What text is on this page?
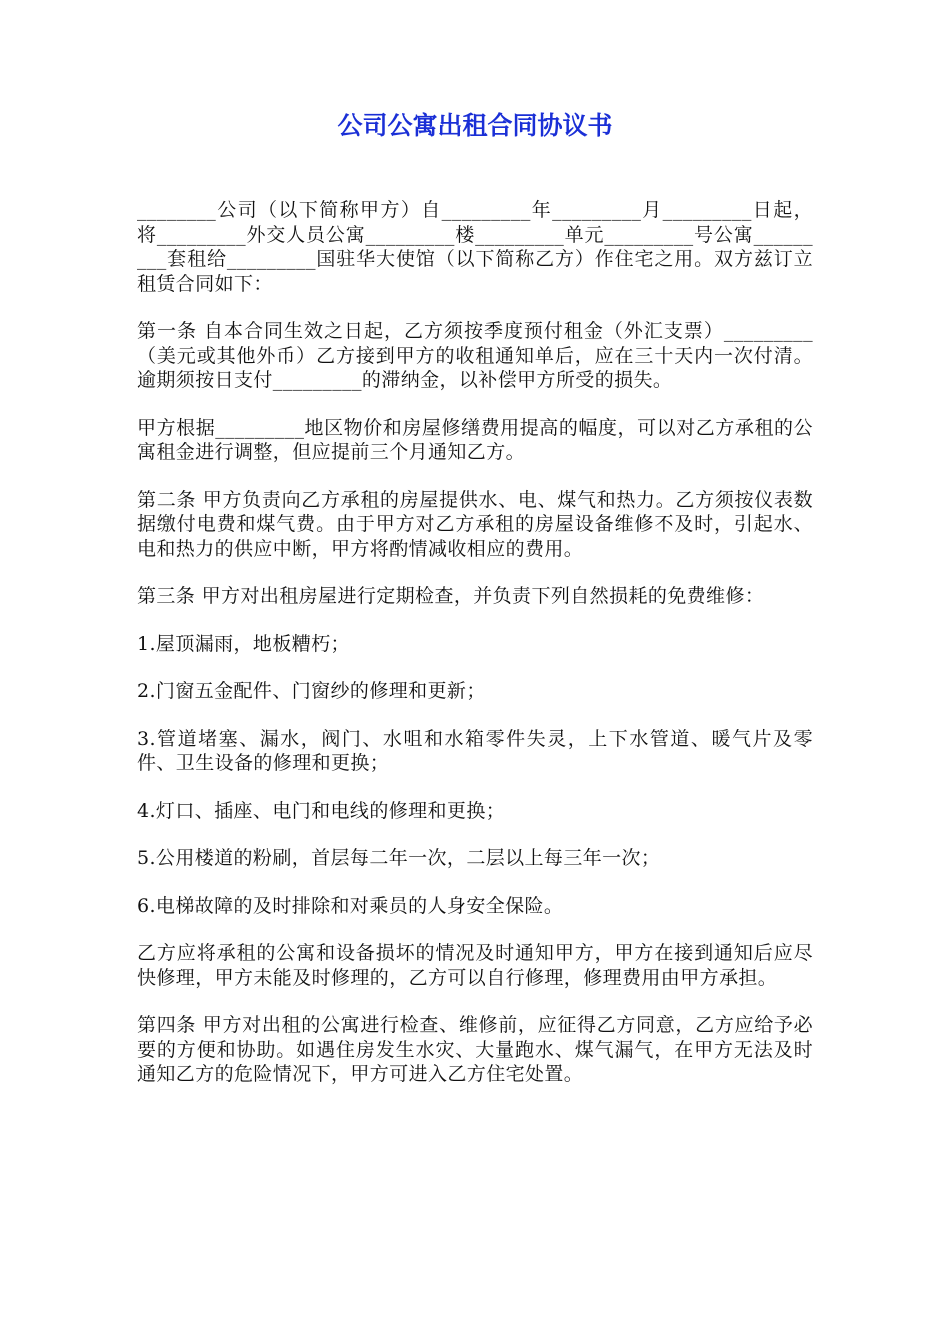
公司公寓出租合同协议书

________公司（以下简称甲方）自_________年_________月_________日起，将_________外交人员公寓_________楼_________单元_________号公寓_________套租给_________国驻华大使馆（以下简称乙方）作住宅之用。双方兹订立租赁合同如下：

第一条 自本合同生效之日起，乙方须按季度预付租金（外汇支票）_________（美元或其他外币）乙方接到甲方的收租通知单后，应在三十天内一次付清。逾期须按日支付_________的滞纳金，以补偿甲方所受的损失。

甲方根据_________地区物价和房屋修缮费用提高的幅度，可以对乙方承租的公寓租金进行调整，但应提前三个月通知乙方。

第二条 甲方负责向乙方承租的房屋提供水、电、煤气和热力。乙方须按仪表数据缴付电费和煤气费。由于甲方对乙方承租的房屋设备维修不及时，引起水、电和热力的供应中断，甲方将酌情减收相应的费用。

第三条 甲方对出租房屋进行定期检查，并负责下列自然损耗的免费维修：

1.屋顶漏雨，地板糟朽；

2.门窗五金配件、门窗纱的修理和更新；

3.管道堵塞、漏水，阀门、水咀和水箱零件失灵，上下水管道、暖气片及零件、卫生设备的修理和更换；

4.灯口、插座、电门和电线的修理和更换；

5.公用楼道的粉刷，首层每二年一次，二层以上每三年一次；

6.电梯故障的及时排除和对乘员的人身安全保险。

乙方应将承租的公寓和设备损坏的情况及时通知甲方，甲方在接到通知后应尽快修理，甲方未能及时修理的，乙方可以自行修理，修理费用由甲方承担。

第四条 甲方对出租的公寓进行检查、维修前，应征得乙方同意，乙方应给予必要的方便和协助。如遇住房发生水灾、大量跑水、煤气漏气，在甲方无法及时通知乙方的危险情况下，甲方可进入乙方住宅处置。
